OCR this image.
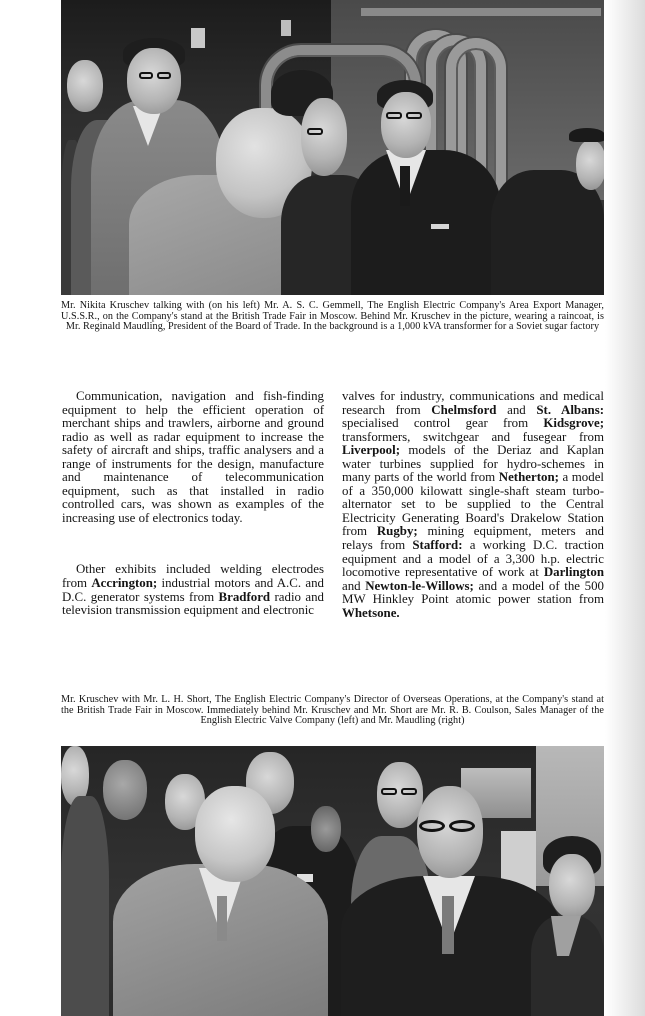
Mr. Nikita Kruschev talking with (on his left) Mr. A. S. C. Gemmell, The English Electric Company's Area Export Manager, U.S.S.R., on the Company's stand at the British Trade Fair in Moscow. Behind Mr. Kruschev in the picture, wearing a raincoat, is Mr. Reginald Maudling, President of the Board of Trade. In the background is a 1,000 kVA transformer for a Soviet sugar factory

Communication, navigation and fish-finding equipment to help the efficient operation of merchant ships and trawlers, airborne and ground radio as well as radar equipment to increase the safety of aircraft and ships, traffic analysers and a range of instruments for the design, manufacture and maintenance of telecommunication equipment, such as that installed in radio controlled cars, was shown as examples of the increasing use of electronics today.

Other exhibits included welding electrodes from Accrington; industrial motors and A.C. and D.C. generator systems from Bradford radio and television transmission equipment and electronic

valves for industry, communications and medical research from Chelmsford and St. Albans: specialised control gear from Kidsgrove; transformers, switchgear and fusegear from Liverpool; models of the Deriaz and Kaplan water turbines supplied for hydro-schemes in many parts of the world from Netherton; a model of a 350,000 kilowatt single-shaft steam turbo-alternator set to be supplied to the Central Electricity Generating Board's Drakelow Station from Rugby; mining equipment, meters and relays from Stafford: a working D.C. traction equipment and a model of a 3,300 h.p. electric locomotive representative of work at Darlington and Newton-le-Willows; and a model of the 500 MW Hinkley Point atomic power station from Whetsone.
Mr. Kruschev with Mr. L. H. Short, The English Electric Company's Director of Overseas Operations, at the Company's stand at the British Trade Fair in Moscow. Immediately behind Mr. Kruschev and Mr. Short are Mr. R. B. Coulson, Sales Manager of the English Electric Valve Company (left) and Mr. Maudling (right)
